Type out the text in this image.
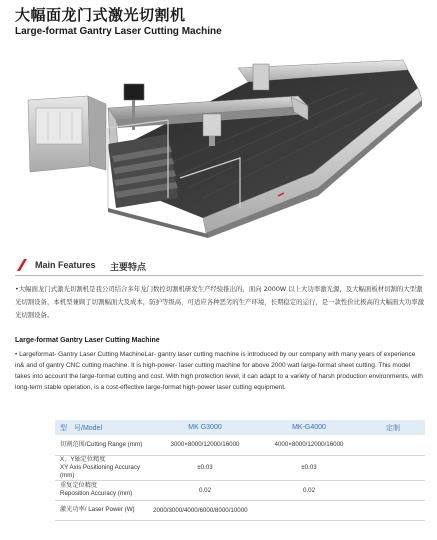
大幅面龙门式激光切割机
Large-format Gantry Laser Cutting Machine
Main Features 主要特点
•大幅面龙门式激光切割机是我公司结合多年龙门数控切割机研发生产经验推出的，面向 2000W 以上大功率激光源，及大幅面板材切割的大型激光切割设备，本机型兼顾了切割幅面大及成本，防护等级高，可适应各种恶劣的生产环境，长期稳定的运行，是一款性价比极高的大幅面大功率激光切割设备。
Large-format Gantry Laser Cutting Machine
• Largeformat- Gantry Laser Cutting MachineLar- gantry laser cutting machine is introduced by our company with many years of experience in& and of gantry CNC cutting machine. It is high-power- laser cutting machine for above 2000 watt large-format sheet cutting. This model takes into account the large-format cutting and cost. With high protection level, it can adapt to a variety of harsh production environments, with long-term stable operation, is a cost-effective large-format high-power laser cutting equipment.
型　号/Model	MK G3000	MK-G4000	定制
切割范围/Cutting Range (mm)	3000×8000/12000/16000	4000×8000/12000/16000	

X、Y轴定位精度
XY Axis Positioning Accuracy (mm)	±0.03	±0.03	

重复定位精度
Reposition Accuracy (mm)	0.02	0.02	
激光功率/ Laser Power (W)	2000/3000/4000/6000/8000/10000		
